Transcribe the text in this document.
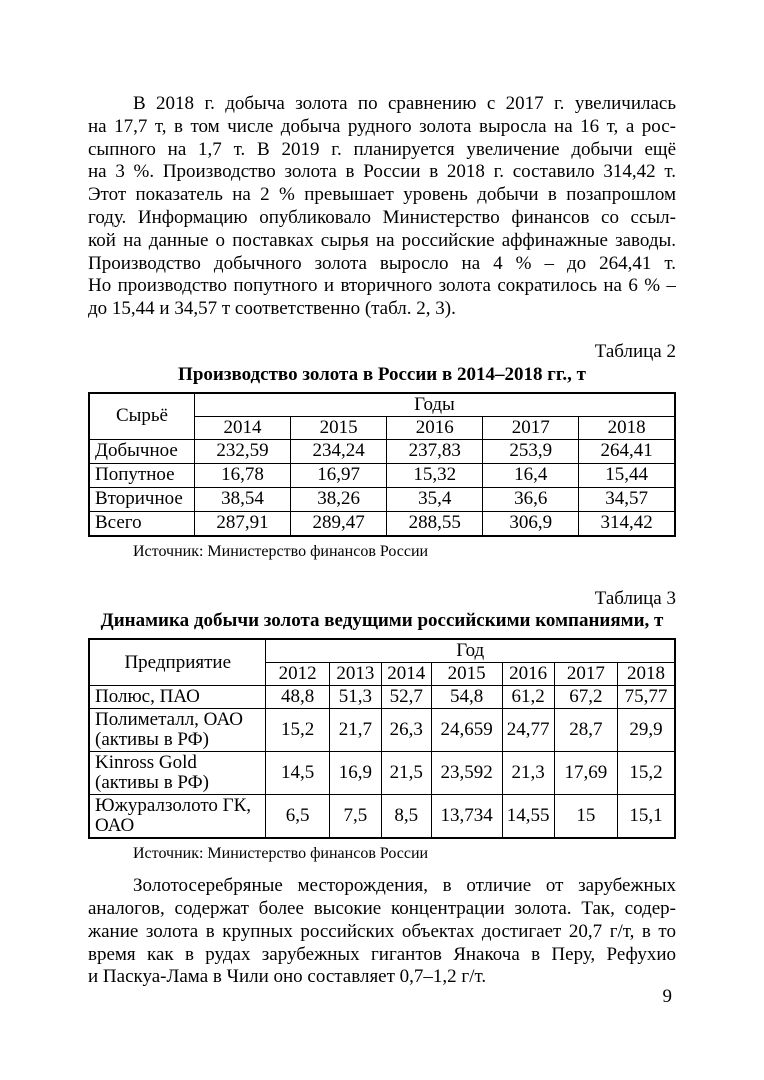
В 2018 г. добыча золота по сравнению с 2017 г. увеличилась
на 17,7 т, в том числе добыча рудного золота выросла на 16 т, а рос-
сыпного на 1,7 т. В 2019 г. планируется увеличение добычи ещё
на 3 %. Производство золота в России в 2018 г. составило 314,42 т.
Этот показатель на 2 % превышает уровень добычи в позапрошлом
году. Информацию опубликовало Министерство финансов со ссыл-
кой на данные о поставках сырья на российские аффинажные заводы.
Производство добычного золота выросло на 4 % – до 264,41 т.
Но производство попутного и вторичного золота сократилось на 6 % –
до 15,44 и 34,57 т соответственно (табл. 2, 3).
Таблица 2
Производство золота в России в 2014–2018 гг., т
Сырьё	Годы				
	2014	2015	2016	2017	2018
Добычное	232,59	234,24	237,83	253,9	264,41
Попутное	16,78	16,97	15,32	16,4	15,44
Вторичное	38,54	38,26	35,4	36,6	34,57
Всего	287,91	289,47	288,55	306,9	314,42
Источник: Министерство финансов России
Таблица 3
Динамика добычи золота ведущими российскими компаниями, т
Предприятие	Год						
	2012	2013	2014	2015	2016	2017	2018
Полюс, ПАО	48,8	51,3	52,7	54,8	61,2	67,2	75,77
Полиметалл, ОАО (активы в РФ)	15,2	21,7	26,3	24,659	24,77	28,7	29,9
Kinross Gold (активы в РФ)	14,5	16,9	21,5	23,592	21,3	17,69	15,2
Южуралзолото ГК, ОАО	6,5	7,5	8,5	13,734	14,55	15	15,1
Источник: Министерство финансов России
Золотосеребряные месторождения, в отличие от зарубежных
аналогов, содержат более высокие концентрации золота. Так, содер-
жание золота в крупных российских объектах достигает 20,7 г/т, в то
время как в рудах зарубежных гигантов Янакоча в Перу, Рефухио
и Паскуа-Лама в Чили оно составляет 0,7–1,2 г/т.
9
